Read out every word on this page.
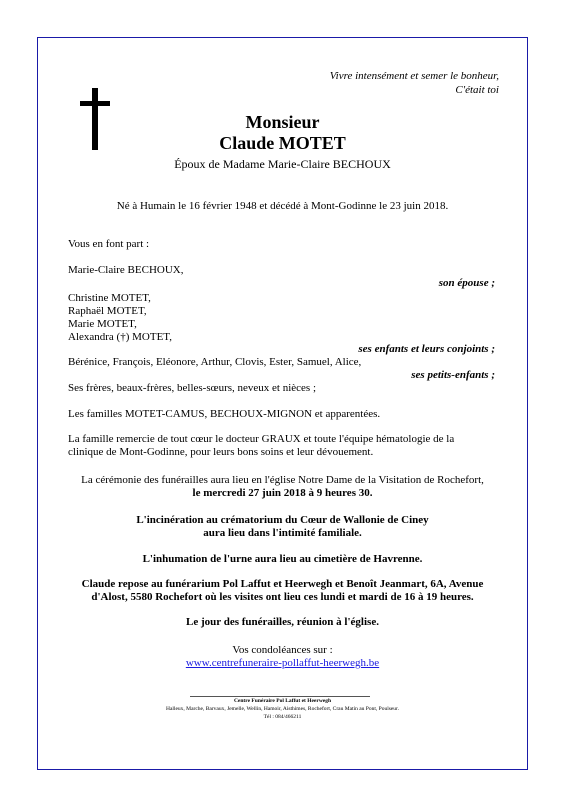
Vivre intensément et semer le bonheur,
C'était toi
Monsieur
Claude MOTET
Époux de Madame Marie-Claire BECHOUX
Né à Humain le 16 février 1948 et décédé à Mont-Godinne le 23 juin 2018.
Vous en font part :
Marie-Claire BECHOUX,
son épouse ;
Christine MOTET,
Raphaël MOTET,
Marie MOTET,
Alexandra (†) MOTET,
ses enfants et leurs conjoints ;
Bérénice, François, Eléonore, Arthur, Clovis, Ester, Samuel, Alice,
ses petits-enfants ;
Ses frères, beaux-frères, belles-sœurs, neveux et nièces ;
Les familles MOTET-CAMUS, BECHOUX-MIGNON et apparentées.
La famille remercie de tout cœur le docteur GRAUX et toute l'équipe hématologie de la
clinique de Mont-Godinne, pour leurs bons soins et leur dévouement.
La cérémonie des funérailles aura lieu en l'église Notre Dame de la Visitation de Rochefort,
le mercredi 27 juin 2018 à 9 heures 30.
L'incinération au crématorium du Cœur de Wallonie de Ciney
aura lieu dans l'intimité familiale.
L'inhumation de l'urne aura lieu au cimetière de Havrenne.
Claude repose au funérarium Pol Laffut et Heerwegh et Benoît Jeanmart, 6A, Avenue
d'Alost, 5580 Rochefort où les visites ont lieu ces lundi et mardi de 16 à 19 heures.
Le jour des funérailles, réunion à l'église.
Vos condoléances sur :
www.centrefuneraire-pollaffut-heerwegh.be
Centre Funéraire Pol Laffut et Heerwegh
Halleux, Marche, Barvaux, Jemelle, Wellin, Hamoir, Aisthimes, Rochefort, Crau Matin au Pont, Poulseur.
Tél : 084/466211
